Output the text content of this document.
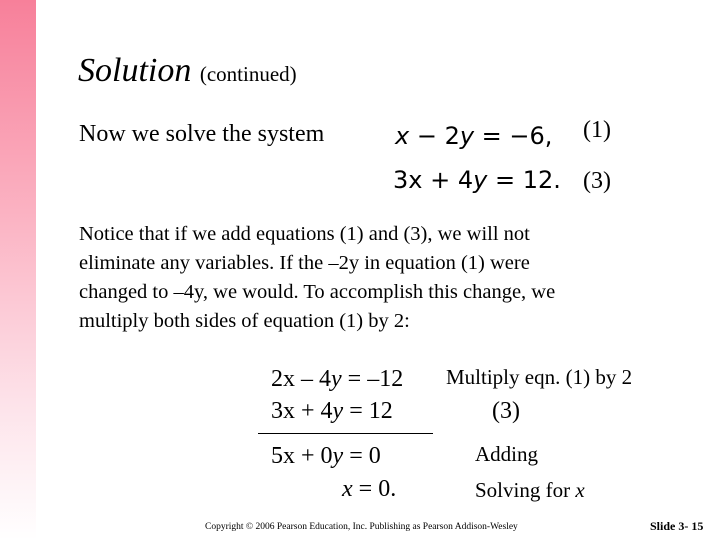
Solution (continued)
Now we solve the system	x − 2y = −6, (1)
3x + 4y = 12. (3)

Notice that if we add equations (1) and (3), we will not

eliminate any variables. If the –2y in equation (1) were

changed to –4y, we would. To accomplish this change, we

multiply both sides of equation (1) by 2:

2x – 4y = –12 Multiply eqn. (1) by 2
3x + 4y = 12	(3)
5x + 0y = 0	Adding
x = 0.	Solving for x
Copyright © 2006 Pearson Education, Inc. Publishing as Pearson Addison-Wesley	Slide 3- 15
